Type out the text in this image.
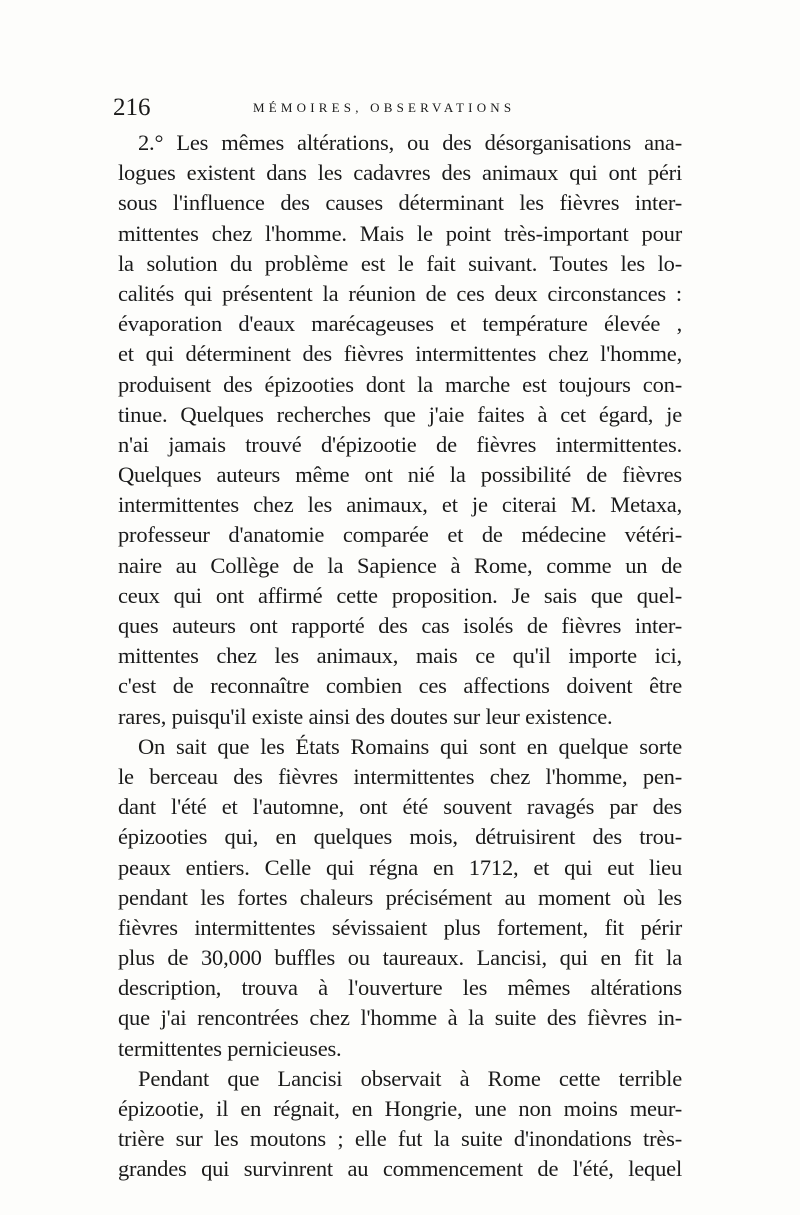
216	MÉMOIRES, OBSERVATIONS
2.° Les mêmes altérations, ou des désorganisations ana-
logues existent dans les cadavres des animaux qui ont péri
sous l'influence des causes déterminant les fièvres inter-
mittentes chez l'homme. Mais le point très-important pour
la solution du problème est le fait suivant. Toutes les lo-
calités qui présentent la réunion de ces deux circonstances :
évaporation d'eaux marécageuses et température élevée ,
et qui déterminent des fièvres intermittentes chez l'homme,
produisent des épizooties dont la marche est toujours con-
tinue. Quelques recherches que j'aie faites à cet égard, je
n'ai jamais trouvé d'épizootie de fièvres intermittentes.
Quelques auteurs même ont nié la possibilité de fièvres
intermittentes chez les animaux, et je citerai M. Metaxa,
professeur d'anatomie comparée et de médecine vétéri-
naire au Collège de la Sapience à Rome, comme un de
ceux qui ont affirmé cette proposition. Je sais que quel-
ques auteurs ont rapporté des cas isolés de fièvres inter-
mittentes chez les animaux, mais ce qu'il importe ici,
c'est de reconnaître combien ces affections doivent être
rares, puisqu'il existe ainsi des doutes sur leur existence.
On sait que les États Romains qui sont en quelque sorte
le berceau des fièvres intermittentes chez l'homme, pen-
dant l'été et l'automne, ont été souvent ravagés par des
épizooties qui, en quelques mois, détruisirent des trou-
peaux entiers. Celle qui régna en 1712, et qui eut lieu
pendant les fortes chaleurs précisément au moment où les
fièvres intermittentes sévissaient plus fortement, fit périr
plus de 30,000 buffles ou taureaux. Lancisi, qui en fit la
description, trouva à l'ouverture les mêmes altérations
que j'ai rencontrées chez l'homme à la suite des fièvres in-
termittentes pernicieuses.
Pendant que Lancisi observait à Rome cette terrible
épizootie, il en régnait, en Hongrie, une non moins meur-
trière sur les moutons ; elle fut la suite d'inondations très-
grandes qui survinrent au commencement de l'été, lequel
